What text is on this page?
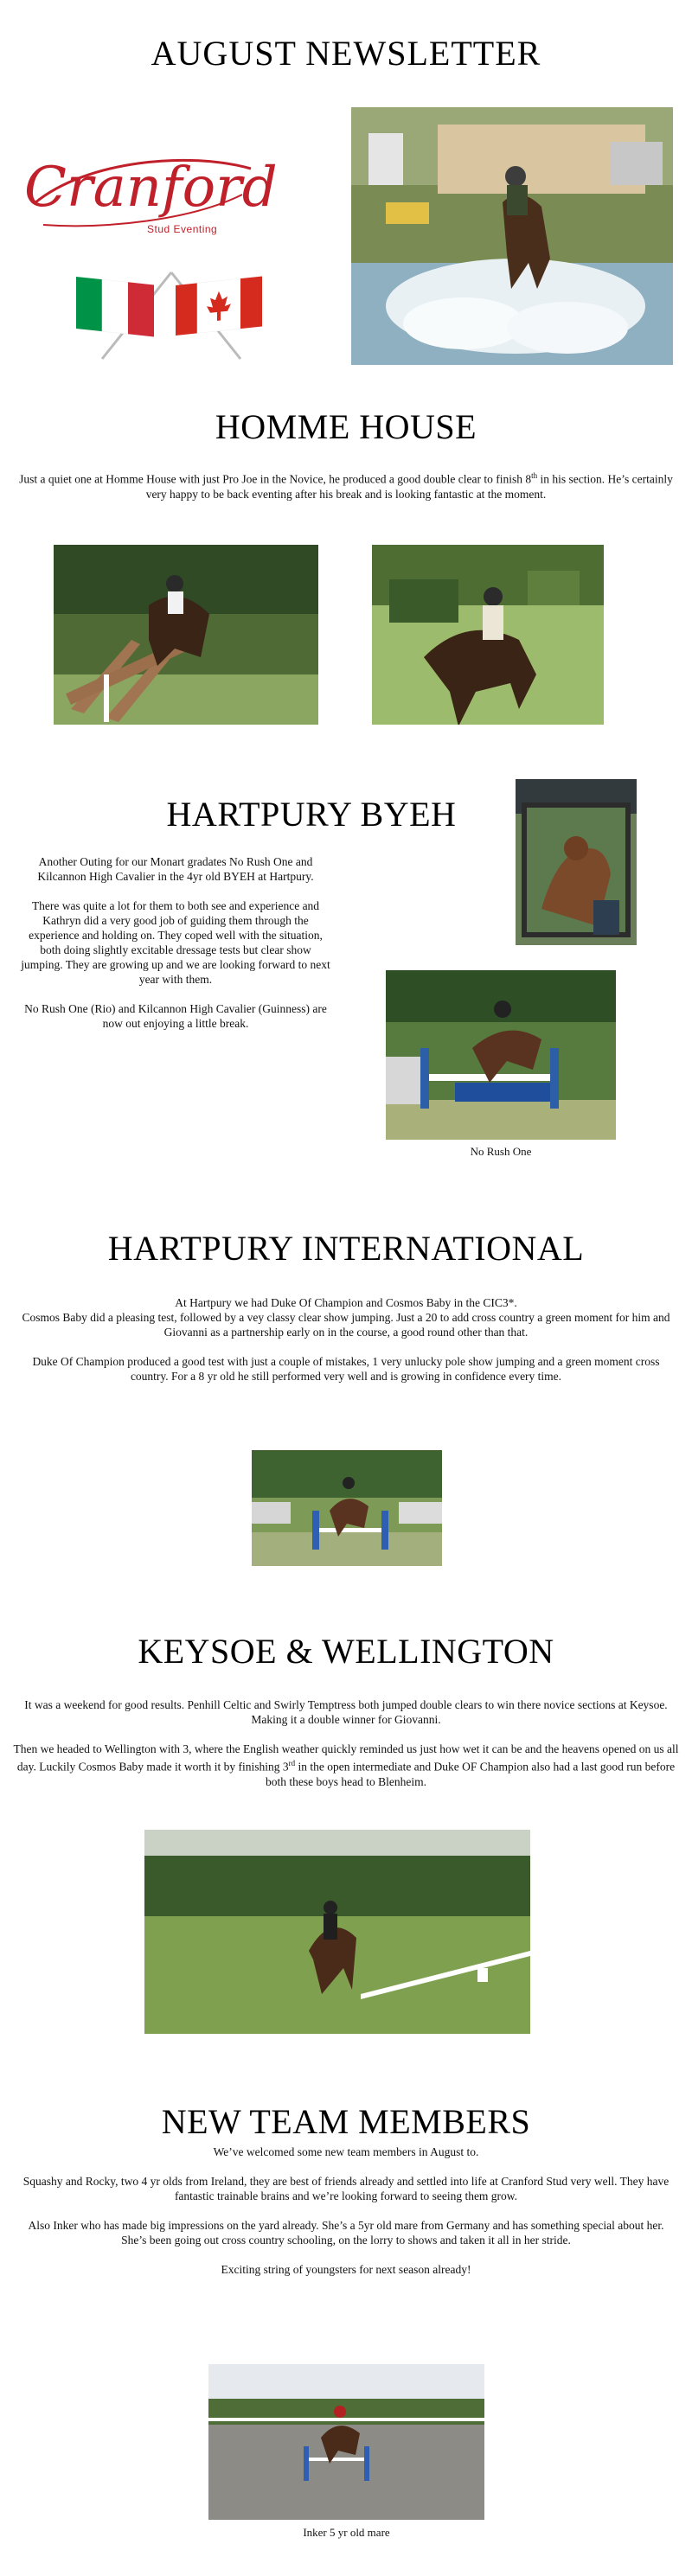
AUGUST NEWSLETTER
Cranford
Stud Eventing
HOMME HOUSE

Just a quiet one at Homme House with just Pro Joe in the Novice, he produced a good double clear to finish 8th in his section. He’s certainly very happy to be back eventing after his break and is looking fantastic at the moment.

HARTPURY BYEH

Another Outing for our Monart gradates No Rush One and Kilcannon High Cavalier in the 4yr old BYEH at Hartpury.

There was quite a lot for them to both see and experience and Kathryn did a very good job of guiding them through the experience and holding on. They coped well with the situation, both doing slightly excitable dressage tests but clear show jumping. They are growing up and we are looking forward to next year with them.

No Rush One (Rio) and Kilcannon High Cavalier (Guinness) are now out enjoying a little break.

No Rush One
HARTPURY INTERNATIONAL

At Hartpury we had Duke Of Champion and Cosmos Baby in the CIC3*.

Cosmos Baby did a pleasing test, followed by a vey classy clear show jumping. Just a 20 to add cross country a green moment for him and Giovanni as a partnership early on in the course, a good round other than that.

Duke Of Champion produced a good test with just a couple of mistakes, 1 very unlucky pole show jumping and a green moment cross country. For a 8 yr old he still performed very well and is growing in confidence every time.

KEYSOE & WELLINGTON

It was a weekend for good results. Penhill Celtic and Swirly Temptress both jumped double clears to win there novice sections at Keysoe. Making it a double winner for Giovanni.

Then we headed to Wellington with 3, where the English weather quickly reminded us just how wet it can be and the heavens opened on us all day. Luckily Cosmos Baby made it worth it by finishing 3rd in the open intermediate and Duke OF Champion also had a last good run before both these boys head to Blenheim.

NEW TEAM MEMBERS

We’ve welcomed some new team members in August to.

Squashy and Rocky, two 4 yr olds from Ireland, they are best of friends already and settled into life at Cranford Stud very well. They have fantastic trainable brains and we’re looking forward to seeing them grow.

Also Inker who has made big impressions on the yard already. She’s a 5yr old mare from Germany and has something special about her. She’s been going out cross country schooling, on the lorry to shows and taken it all in her stride.

Exciting string of youngsters for next season already!

Inker 5 yr old mare
